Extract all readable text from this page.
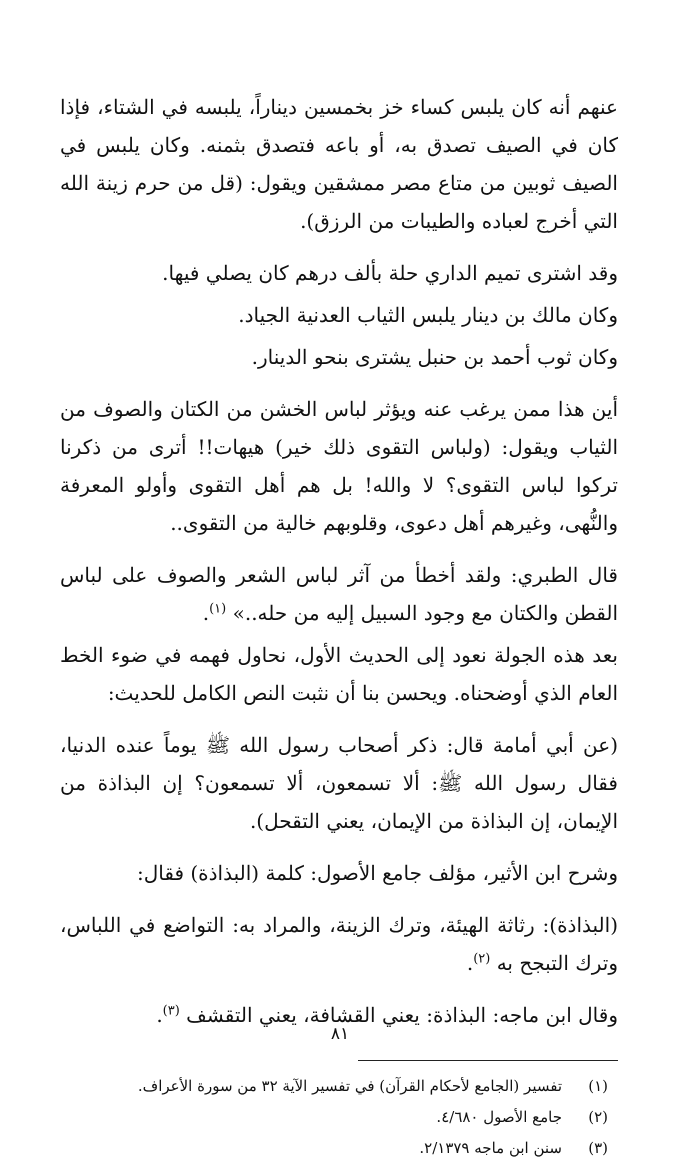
عنهم أنه كان يلبس كساء خز بخمسين ديناراً، يلبسه في الشتاء، فإذا كان في الصيف تصدق به، أو باعه فتصدق بثمنه. وكان يلبس في الصيف ثوبين من متاع مصر ممشقين ويقول: (قل من حرم زينة الله التي أخرج لعباده والطيبات من الرزق).

وقد اشترى تميم الداري حلة بألف درهم كان يصلي فيها.

وكان مالك بن دينار يلبس الثياب العدنية الجياد.

وكان ثوب أحمد بن حنبل يشترى بنحو الدينار.

أين هذا ممن يرغب عنه ويؤثر لباس الخشن من الكتان والصوف من الثياب ويقول: (ولباس التقوى ذلك خير) هيهات!! أترى من ذكرنا تركوا لباس التقوى؟ لا والله! بل هم أهل التقوى وأولو المعرفة والنُّهى، وغيرهم أهل دعوى، وقلوبهم خالية من التقوى..

قال الطبري: ولقد أخطأ من آثر لباس الشعر والصوف على لباس القطن والكتان مع وجود السبيل إليه من حله..» $^{(١)}$.

بعد هذه الجولة نعود إلى الحديث الأول، نحاول فهمه في ضوء الخط العام الذي أوضحناه. ويحسن بنا أن نثبت النص الكامل للحديث:

(عن أبي أمامة قال: ذكر أصحاب رسول الله ﷺ يوماً عنده الدنيا، فقال رسول الله ﷺ: ألا تسمعون، ألا تسمعون؟ إن البذاذة من الإيمان، إن البذاذة من الإيمان، يعني التقحل).

وشرح ابن الأثير، مؤلف جامع الأصول: كلمة (البذاذة) فقال:

(البذاذة): رثاثة الهيئة، وترك الزينة، والمراد به: التواضع في اللباس، وترك التبجح به $^{(٢)}$.

وقال ابن ماجه: البذاذة: يعني القشافة، يعني التقشف $^{(٣)}$.

(١)
تفسير (الجامع لأحكام القرآن) في تفسير الآية ٣٢ من سورة الأعراف.
(٢)
جامع الأصول ٤/٦٨٠.
(٣)
سنن ابن ماجه ٢/١٣٧٩.
٨١
